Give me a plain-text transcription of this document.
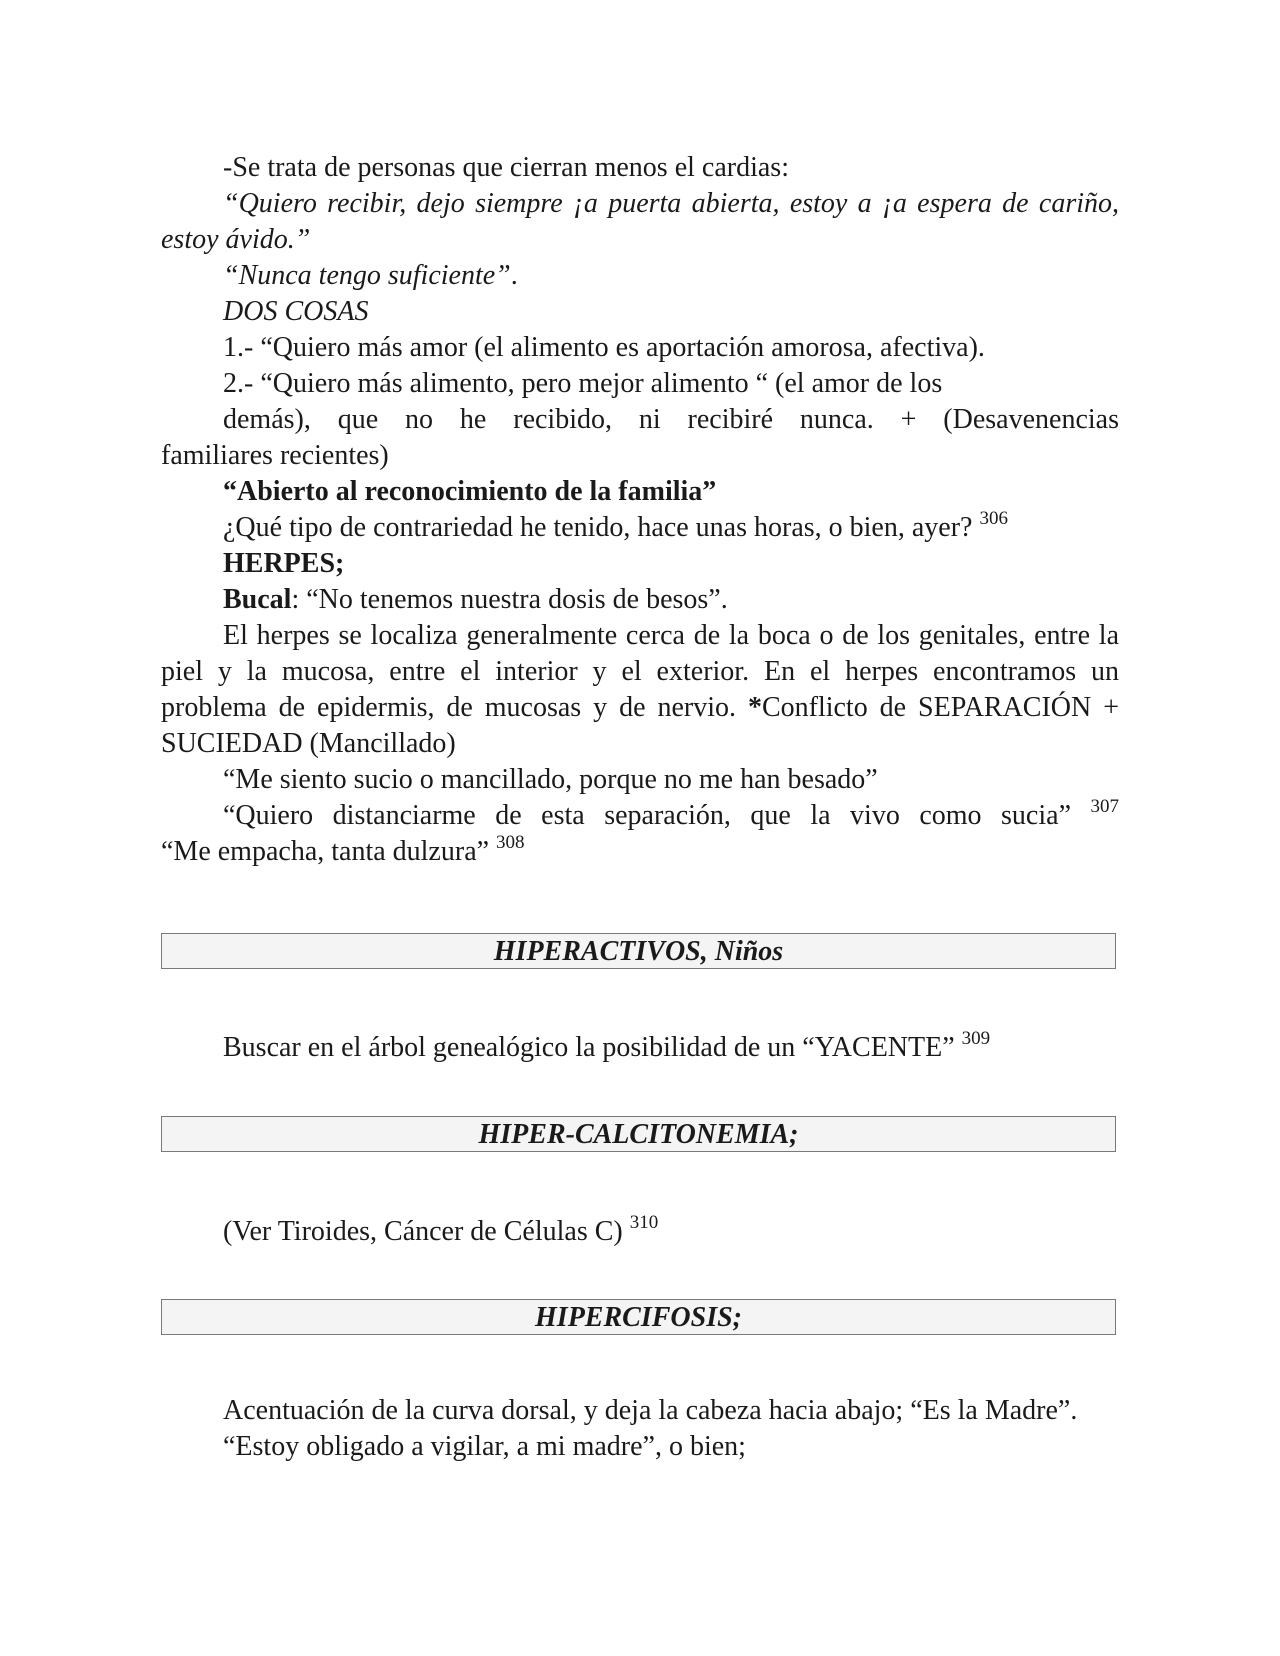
-Se trata de personas que cierran menos el cardias:

“Quiero recibir, dejo siempre ¡a puerta abierta, estoy a ¡a espera de cariño, estoy ávido.”

“Nunca tengo suficiente”.

DOS COSAS

1.- “Quiero más amor (el alimento es aportación amorosa, afectiva).

2.- “Quiero más alimento, pero mejor alimento “ (el amor de los

demás), que no he recibido, ni recibiré nunca. + (Desavenencias

familiares recientes)

“Abierto al reconocimiento de la familia”

¿Qué tipo de contrariedad he tenido, hace unas horas, o bien, ayer? $^{306}$

HERPES;

Bucal: “No tenemos nuestra dosis de besos”.

El herpes se localiza generalmente cerca de la boca o de los genitales, entre la piel y la mucosa, entre el interior y el exterior. En el herpes encontramos un problema de epidermis, de mucosas y de nervio. *Conflicto de SEPARACIÓN + SUCIEDAD (Mancillado)

“Me siento sucio o mancillado, porque no me han besado”

“Quiero distanciarme de esta separación, que la vivo como sucia” $^{307}$

“Me empacha, tanta dulzura” $^{308}$

HIPERACTIVOS, Niños

Buscar en el árbol genealógico la posibilidad de un “YACENTE” $^{309}$

HIPER-CALCITONEMIA;

(Ver Tiroides, Cáncer de Células C) $^{310}$

HIPERCIFOSIS;

Acentuación de la curva dorsal, y deja la cabeza hacia abajo; “Es la Madre”.

“Estoy obligado a vigilar, a mi madre”, o bien;
